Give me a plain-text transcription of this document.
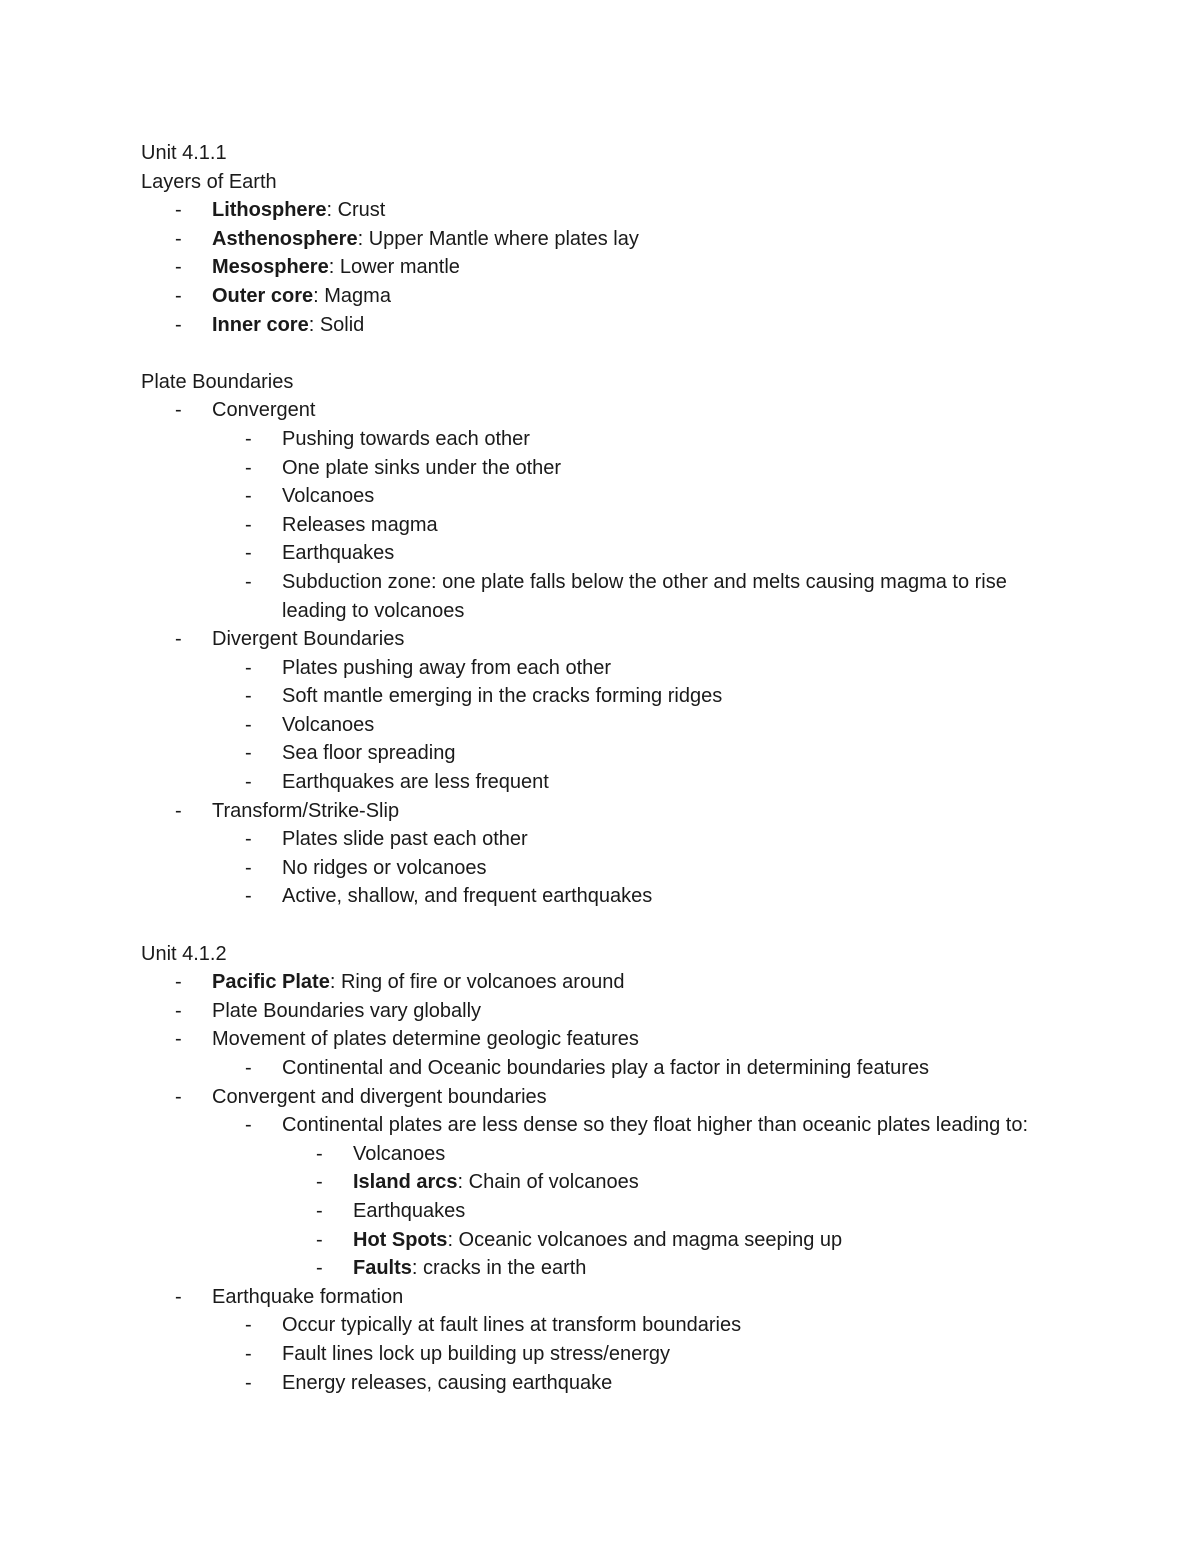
Unit 4.1.1
Layers of Earth
-	Lithosphere: Crust
-	Asthenosphere: Upper Mantle where plates lay
-	Mesosphere: Lower mantle
-	Outer core: Magma
-	Inner core: Solid
Plate Boundaries
-	Convergent
-	Pushing towards each other
-	One plate sinks under the other
-	Volcanoes
-	Releases magma
-	Earthquakes
-	Subduction zone: one plate falls below the other and melts causing magma to rise leading to volcanoes
-	Divergent Boundaries
-	Plates pushing away from each other
-	Soft mantle emerging in the cracks forming ridges
-	Volcanoes
-	Sea floor spreading
-	Earthquakes are less frequent
-	Transform/Strike-Slip
-	Plates slide past each other
-	No ridges or volcanoes
-	Active, shallow, and frequent earthquakes
Unit 4.1.2
-	Pacific Plate: Ring of fire or volcanoes around
-	Plate Boundaries vary globally
-	Movement of plates determine geologic features
-	Continental and Oceanic boundaries play a factor in determining features
-	Convergent and divergent boundaries
-	Continental plates are less dense so they float higher than oceanic plates leading to:
-	Volcanoes
-	Island arcs: Chain of volcanoes
-	Earthquakes
-	Hot Spots: Oceanic volcanoes and magma seeping up
-	Faults: cracks in the earth
-	Earthquake formation
-	Occur typically at fault lines at transform boundaries
-	Fault lines lock up building up stress/energy
-	Energy releases, causing earthquake
